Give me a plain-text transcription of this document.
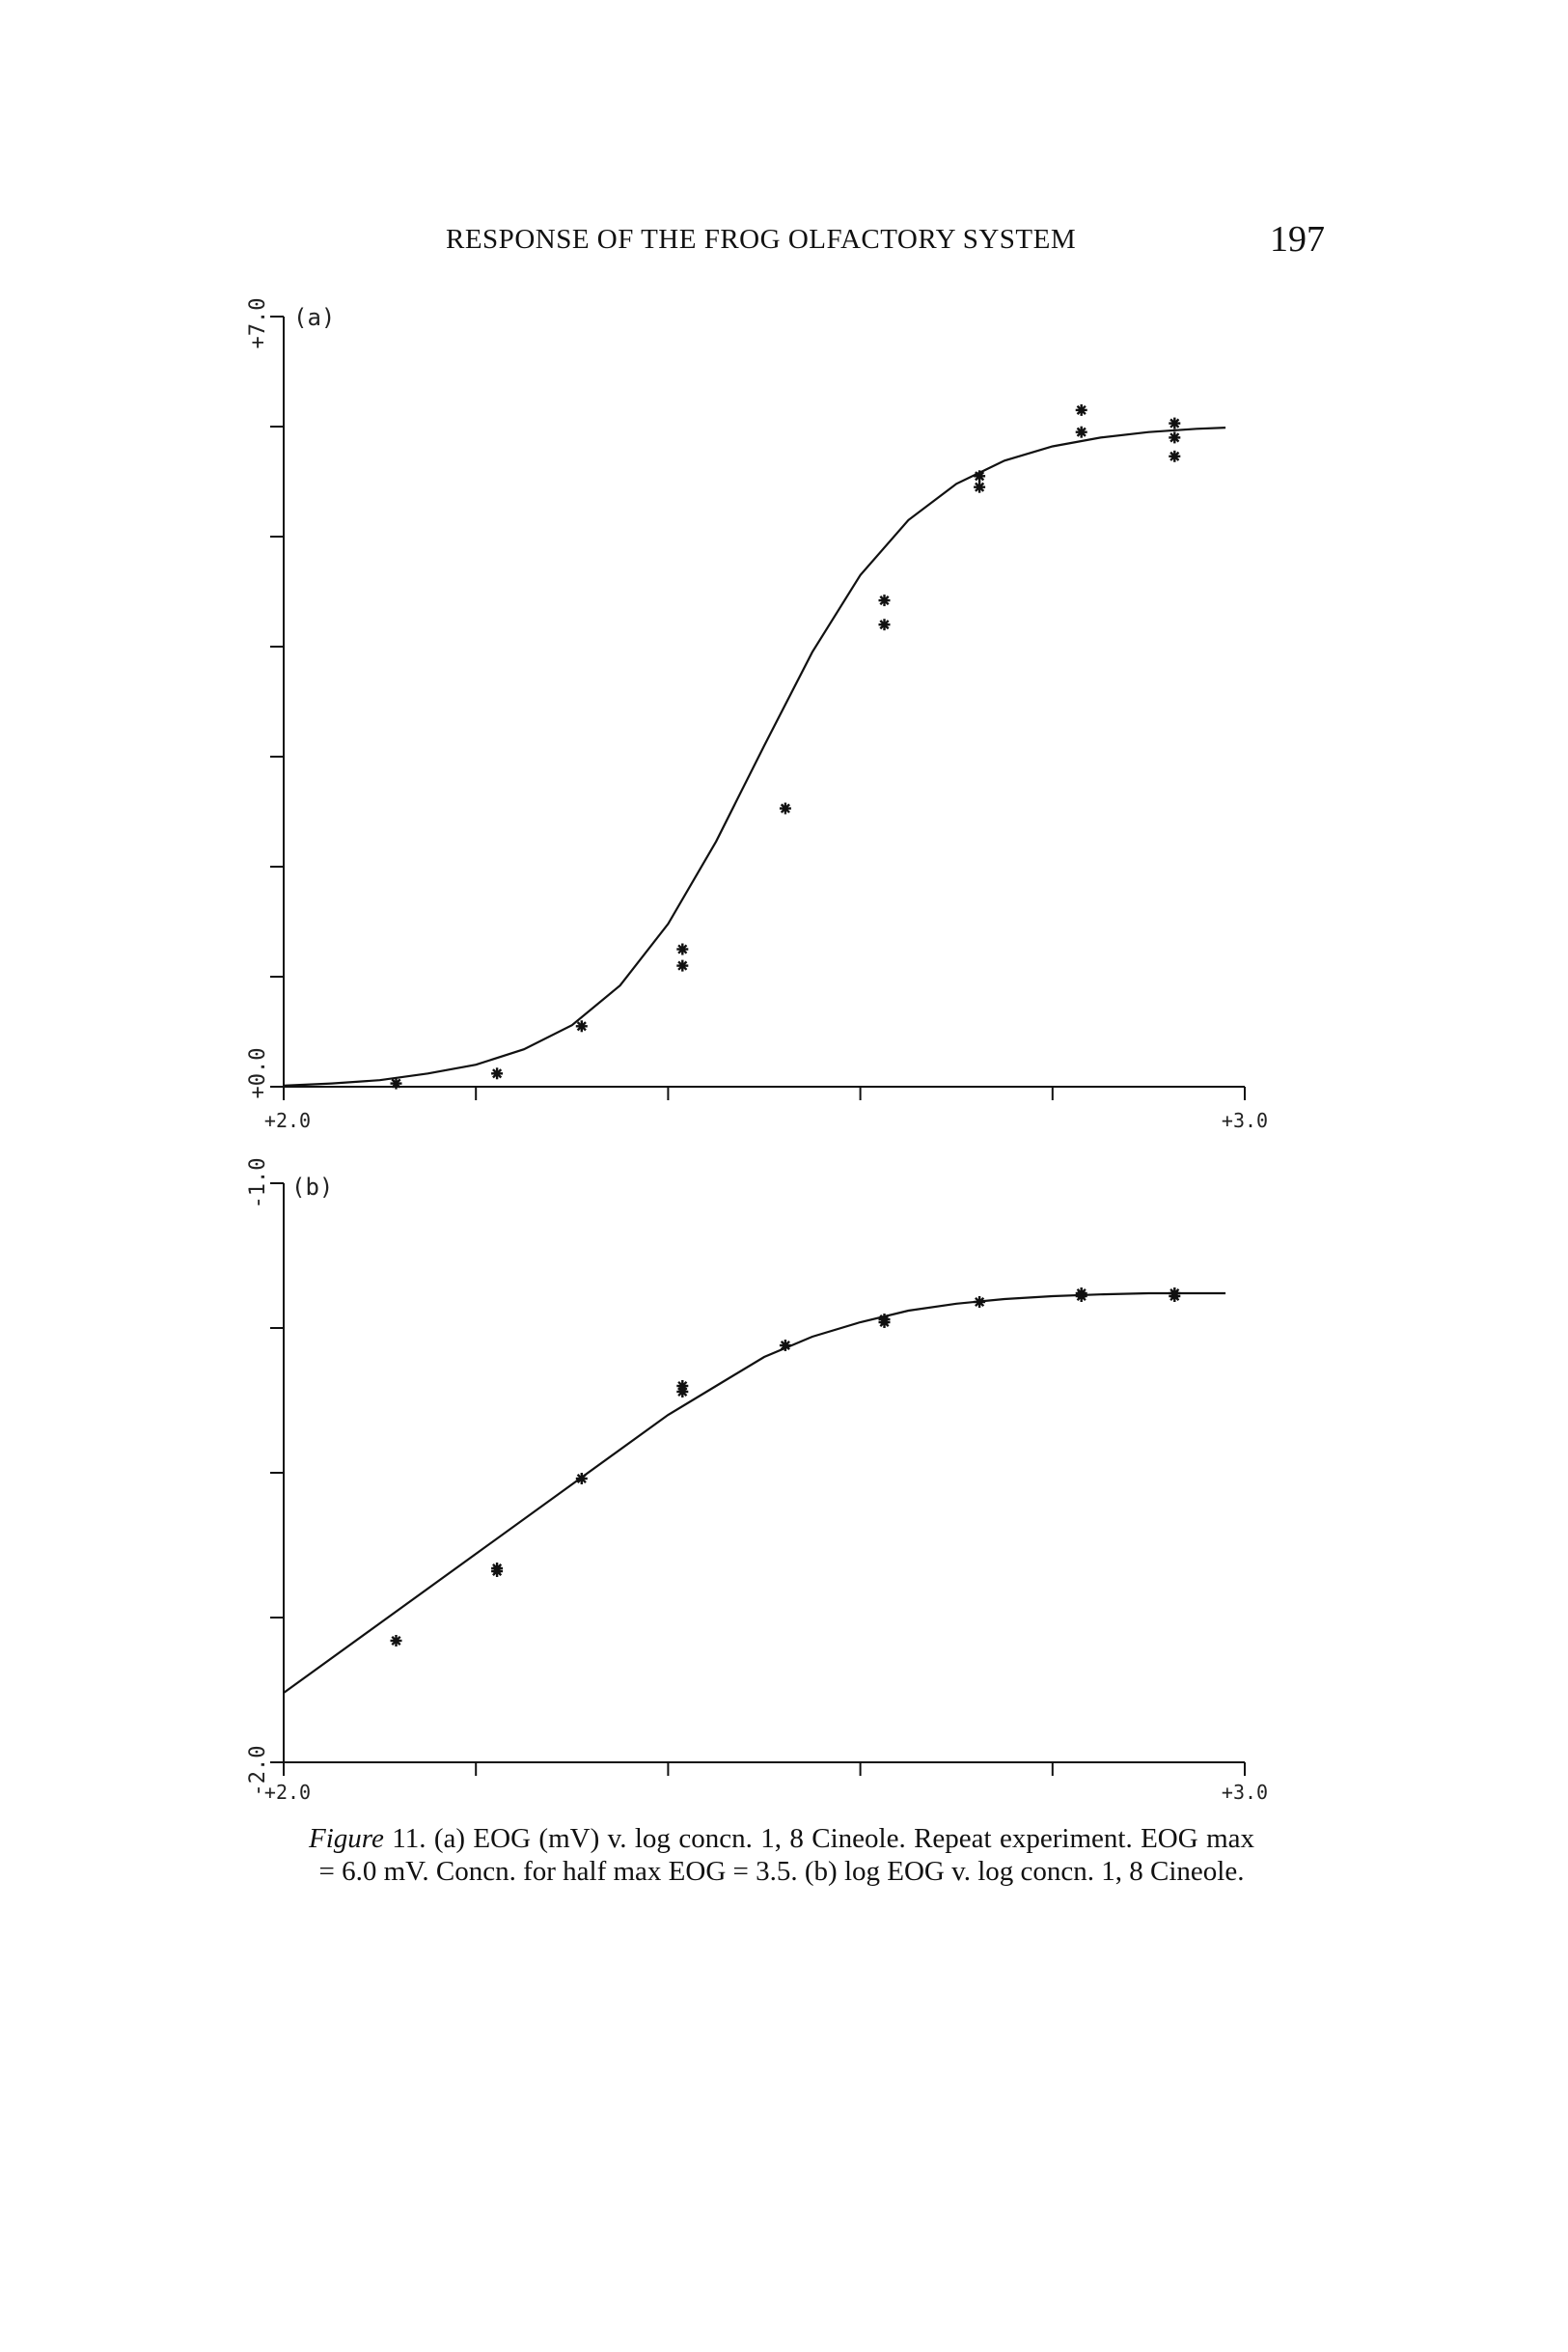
RESPONSE OF THE FROG OLFACTORY SYSTEM	197
+7.0
+0.0
(a)
+2.0	+3.0
-1.0
-2.0
(b)
+2.0	+3.0
Figure 11. (a) EOG (mV) v. log concn. 1, 8 Cineole. Repeat experiment. EOG max = 6.0 mV. Concn. for half max EOG = 3.5. (b) log EOG v. log concn. 1, 8 Cineole.
